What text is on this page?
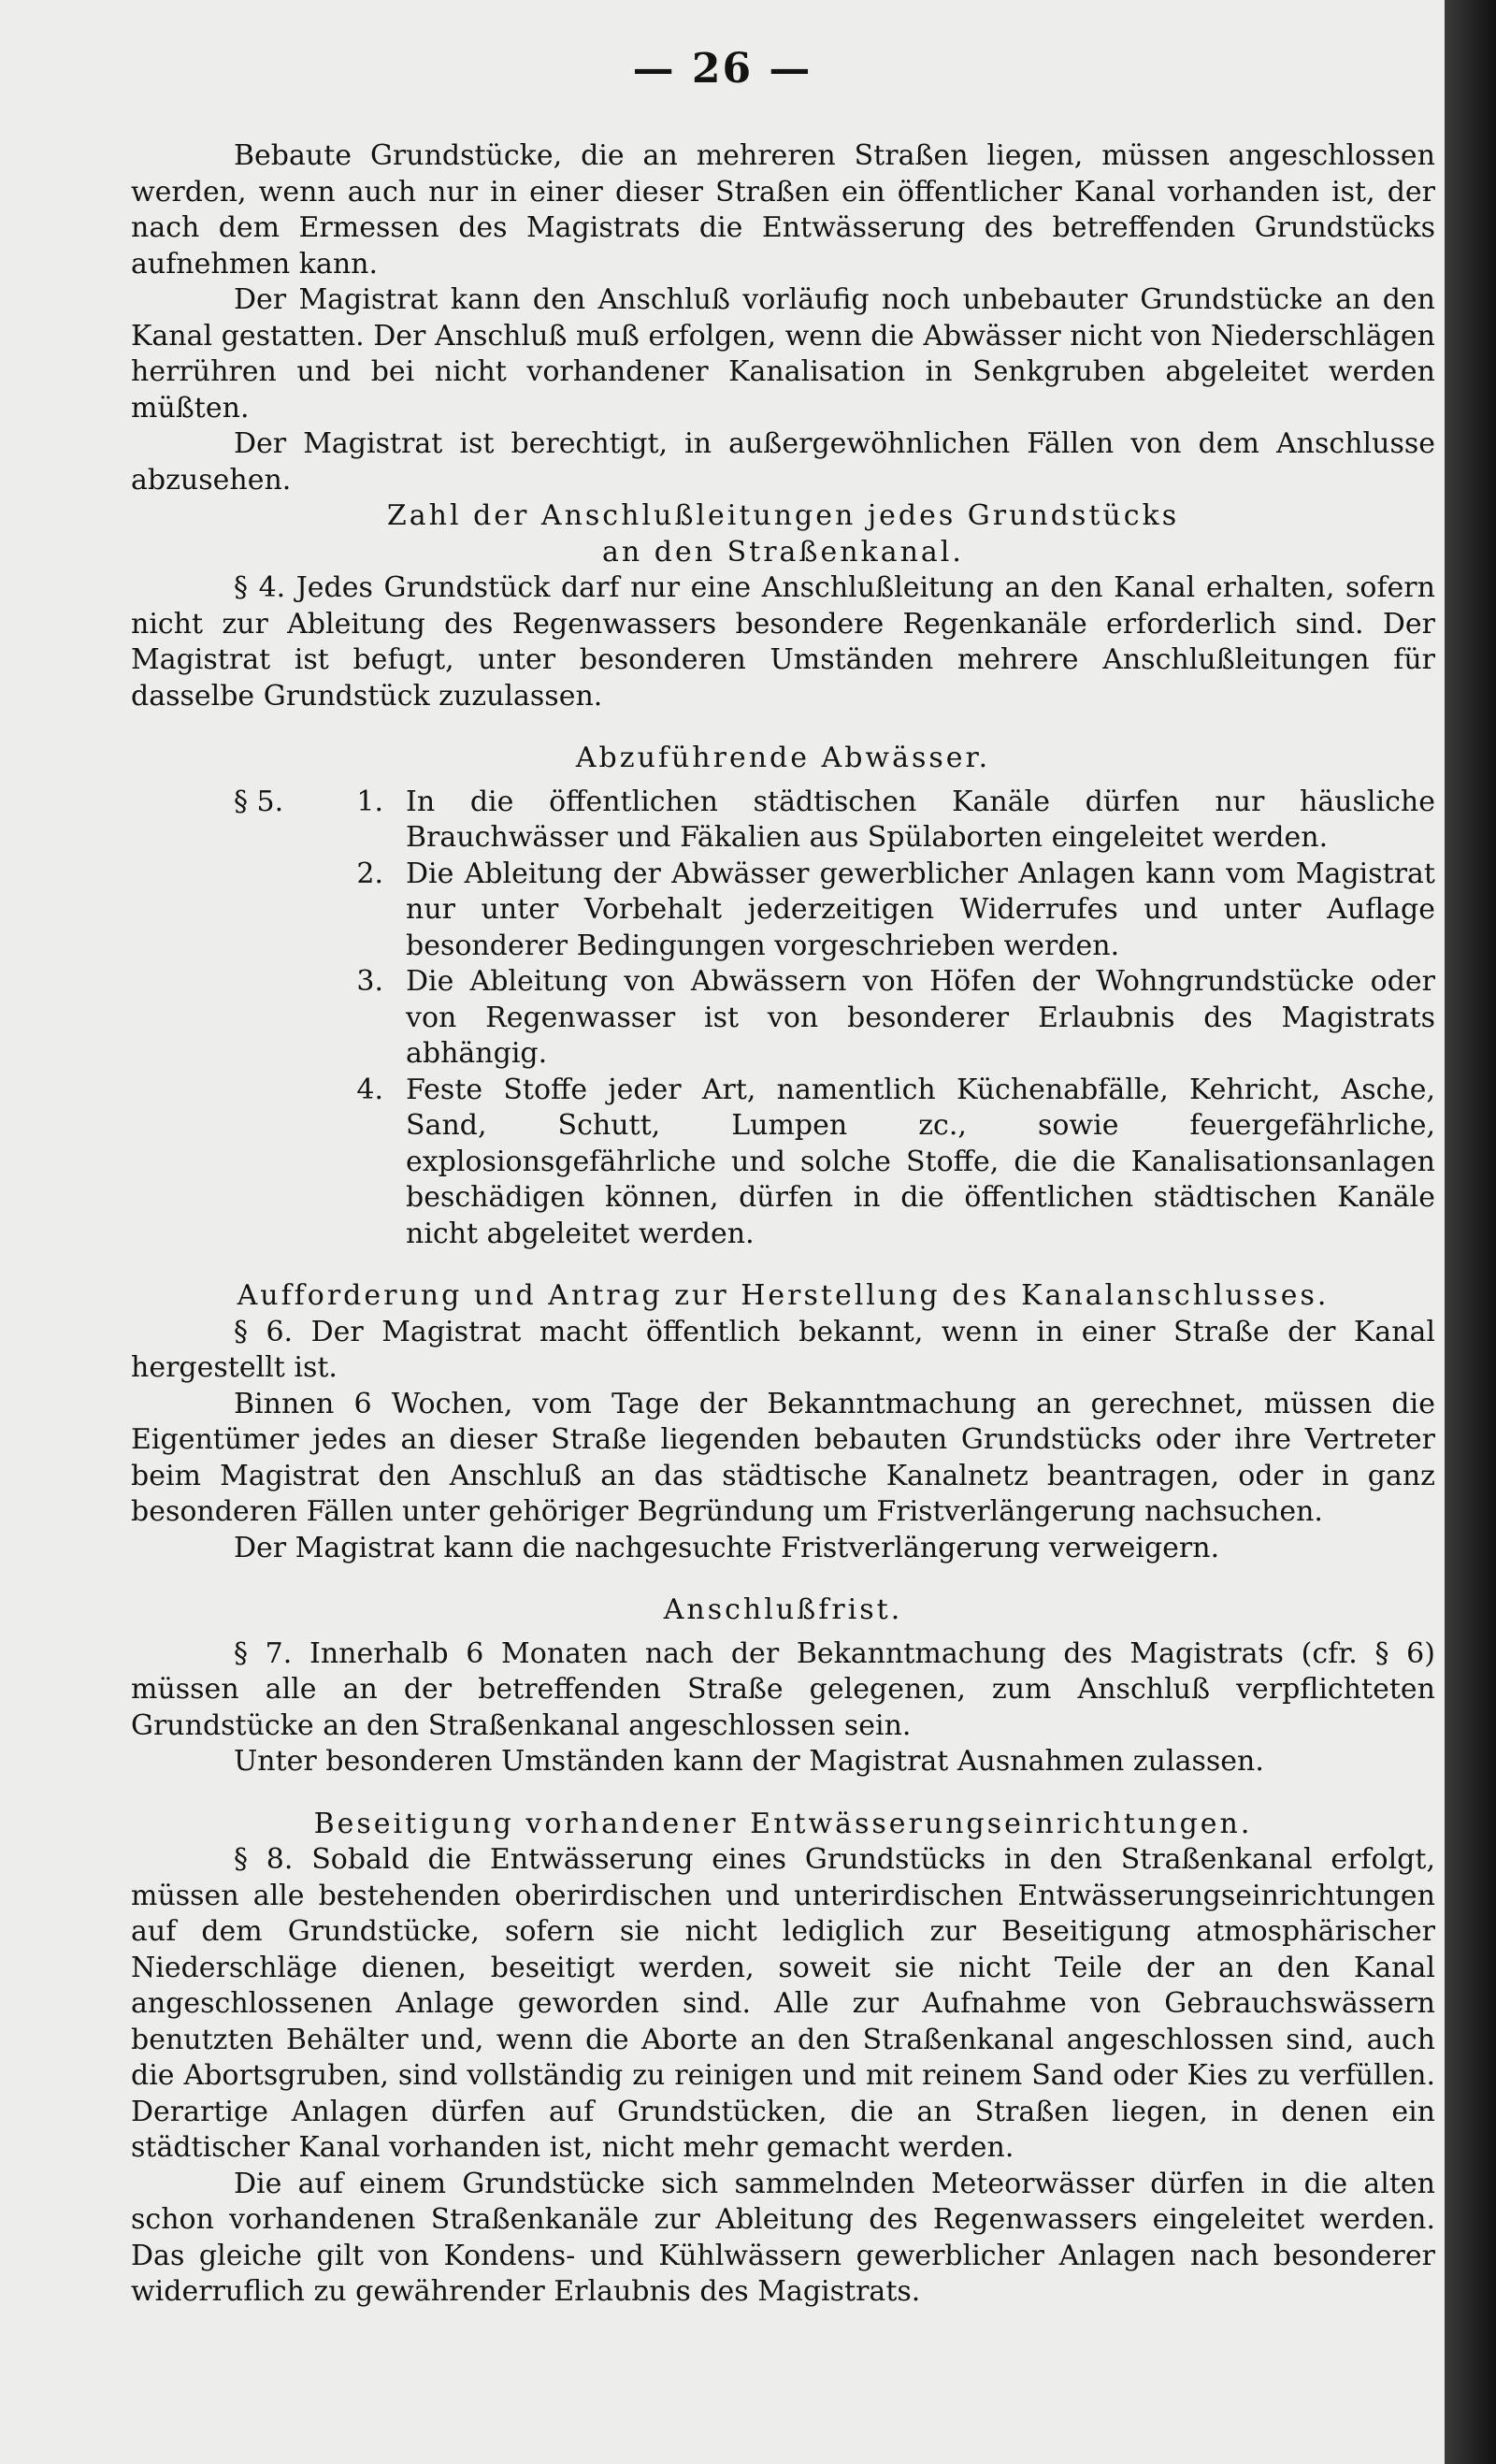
— 26 —

Bebaute Grundstücke, die an mehreren Straßen liegen, müssen angeschlossen werden, wenn auch nur in einer dieser Straßen ein öffentlicher Kanal vorhanden ist, der nach dem Ermessen des Magistrats die Entwässerung des betreffenden Grundstücks aufnehmen kann.

Der Magistrat kann den Anschluß vorläufig noch unbebauter Grundstücke an den Kanal gestatten. Der Anschluß muß erfolgen, wenn die Abwässer nicht von Niederschlägen herrühren und bei nicht vorhandener Kanalisation in Senkgruben abgeleitet werden müßten.

Der Magistrat ist berechtigt, in außergewöhnlichen Fällen von dem Anschlusse abzusehen.

Zahl der Anschlußleitungen jedes Grundstücks
an den Straßenkanal.

§ 4. Jedes Grundstück darf nur eine Anschlußleitung an den Kanal erhalten, sofern nicht zur Ableitung des Regenwassers besondere Regenkanäle erforderlich sind. Der Magistrat ist befugt, unter besonderen Umständen mehrere Anschlußleitungen für dasselbe Grundstück zuzulassen.

Abzuführende Abwässer.
§ 5.	1. In die öffentlichen städtischen Kanäle dürfen nur häusliche Brauchwässer und Fäkalien aus Spülaborten eingeleitet werden.
2. Die Ableitung der Abwässer gewerblicher Anlagen kann vom Magistrat nur unter Vorbehalt jederzeitigen Widerrufes und unter Auflage besonderer Bedingungen vorgeschrieben werden.
3. Die Ableitung von Abwässern von Höfen der Wohngrundstücke oder von Regenwasser ist von besonderer Erlaubnis des Magistrats abhängig.
4. Feste Stoffe jeder Art, namentlich Küchenabfälle, Kehricht, Asche, Sand, Schutt, Lumpen zc., sowie feuergefährliche, explosionsgefährliche und solche Stoffe, die die Kanalisationsanlagen beschädigen können, dürfen in die öffentlichen städtischen Kanäle nicht abgeleitet werden.
Aufforderung und Antrag zur Herstellung des Kanalanschlusses.

§ 6. Der Magistrat macht öffentlich bekannt, wenn in einer Straße der Kanal hergestellt ist.

Binnen 6 Wochen, vom Tage der Bekanntmachung an gerechnet, müssen die Eigentümer jedes an dieser Straße liegenden bebauten Grundstücks oder ihre Vertreter beim Magistrat den Anschluß an das städtische Kanalnetz beantragen, oder in ganz besonderen Fällen unter gehöriger Begründung um Fristverlängerung nachsuchen.

Der Magistrat kann die nachgesuchte Fristverlängerung verweigern.

Anschlußfrist.

§ 7. Innerhalb 6 Monaten nach der Bekanntmachung des Magistrats (cfr. § 6) müssen alle an der betreffenden Straße gelegenen, zum Anschluß verpflichteten Grundstücke an den Straßenkanal angeschlossen sein.

Unter besonderen Umständen kann der Magistrat Ausnahmen zulassen.

Beseitigung vorhandener Entwässerungseinrichtungen.

§ 8. Sobald die Entwässerung eines Grundstücks in den Straßenkanal erfolgt, müssen alle bestehenden oberirdischen und unterirdischen Entwässerungseinrichtungen auf dem Grundstücke, sofern sie nicht lediglich zur Beseitigung atmosphärischer Niederschläge dienen, beseitigt werden, soweit sie nicht Teile der an den Kanal angeschlossenen Anlage geworden sind. Alle zur Aufnahme von Gebrauchswässern benutzten Behälter und, wenn die Aborte an den Straßenkanal angeschlossen sind, auch die Abortsgruben, sind vollständig zu reinigen und mit reinem Sand oder Kies zu verfüllen. Derartige Anlagen dürfen auf Grundstücken, die an Straßen liegen, in denen ein städtischer Kanal vorhanden ist, nicht mehr gemacht werden.

Die auf einem Grundstücke sich sammelnden Meteorwässer dürfen in die alten schon vorhandenen Straßenkanäle zur Ableitung des Regenwassers eingeleitet werden. Das gleiche gilt von Kondens- und Kühlwässern gewerblicher Anlagen nach besonderer widerruflich zu gewährender Erlaubnis des Magistrats.
